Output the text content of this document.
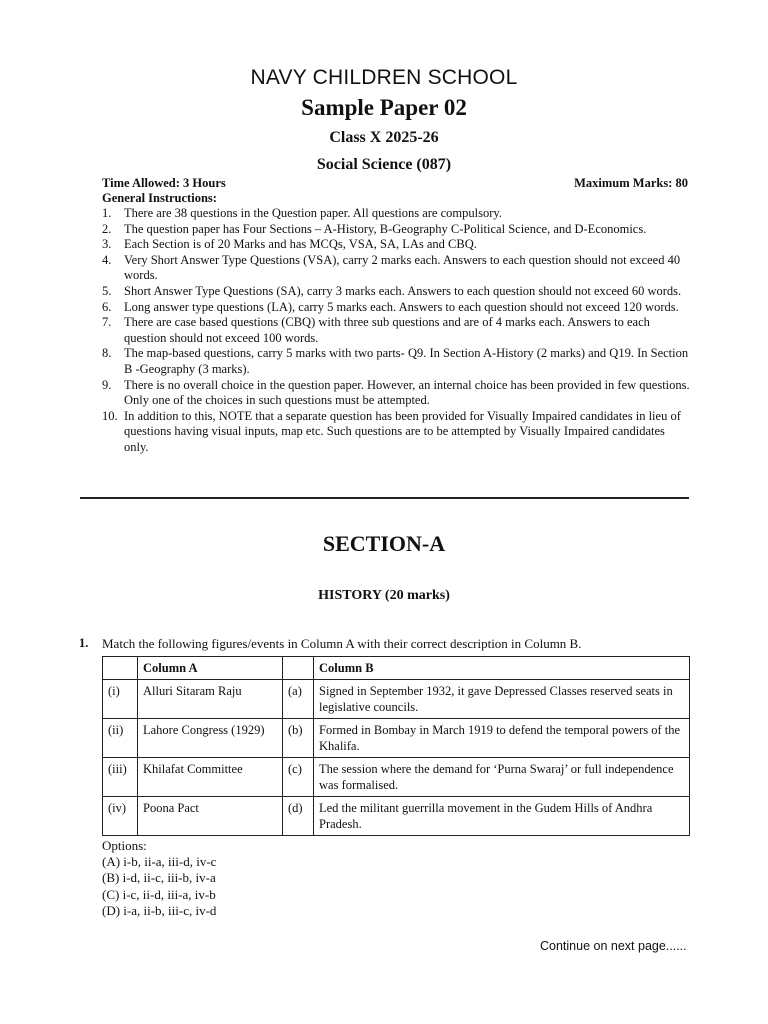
NAVY CHILDREN SCHOOL
Sample Paper 02
Class X 2025-26
Social Science (087)
Time Allowed: 3 Hours	Maximum Marks: 80
General Instructions:
1. There are 38 questions in the Question paper. All questions are compulsory.
2. The question paper has Four Sections – A-History, B-Geography C-Political Science, and D-Economics.
3. Each Section is of 20 Marks and has MCQs, VSA, SA, LAs and CBQ.
4. Very Short Answer Type Questions (VSA), carry 2 marks each. Answers to each question should not exceed 40 words.
5. Short Answer Type Questions (SA), carry 3 marks each. Answers to each question should not exceed 60 words.
6. Long answer type questions (LA), carry 5 marks each. Answers to each question should not exceed 120 words.
7. There are case based questions (CBQ) with three sub questions and are of 4 marks each. Answers to each question should not exceed 100 words.
8. The map-based questions, carry 5 marks with two parts- Q9. In Section A-History (2 marks) and Q19. In Section B -Geography (3 marks).
9. There is no overall choice in the question paper. However, an internal choice has been provided in few questions. Only one of the choices in such questions must be attempted.
10. In addition to this, NOTE that a separate question has been provided for Visually Impaired candidates in lieu of questions having visual inputs, map etc. Such questions are to be attempted by Visually Impaired candidates only.
SECTION-A
HISTORY (20 marks)
1. Match the following figures/events in Column A with their correct description in Column B.
	Column A		Column B
(i)	Alluri Sitaram Raju	(a)	Signed in September 1932, it gave Depressed Classes reserved seats in legislative councils.
(ii)	Lahore Congress (1929)	(b)	Formed in Bombay in March 1919 to defend the temporal powers of the Khalifa.
(iii)	Khilafat Committee	(c)	The session where the demand for ‘Purna Swaraj’ or full independence was formalised.
(iv)	Poona Pact	(d)	Led the militant guerrilla movement in the Gudem Hills of Andhra Pradesh.
Options:
(A) i-b, ii-a, iii-d, iv-c
(B) i-d, ii-c, iii-b, iv-a
(C) i-c, ii-d, iii-a, iv-b
(D) i-a, ii-b, iii-c, iv-d
Continue on next page......
